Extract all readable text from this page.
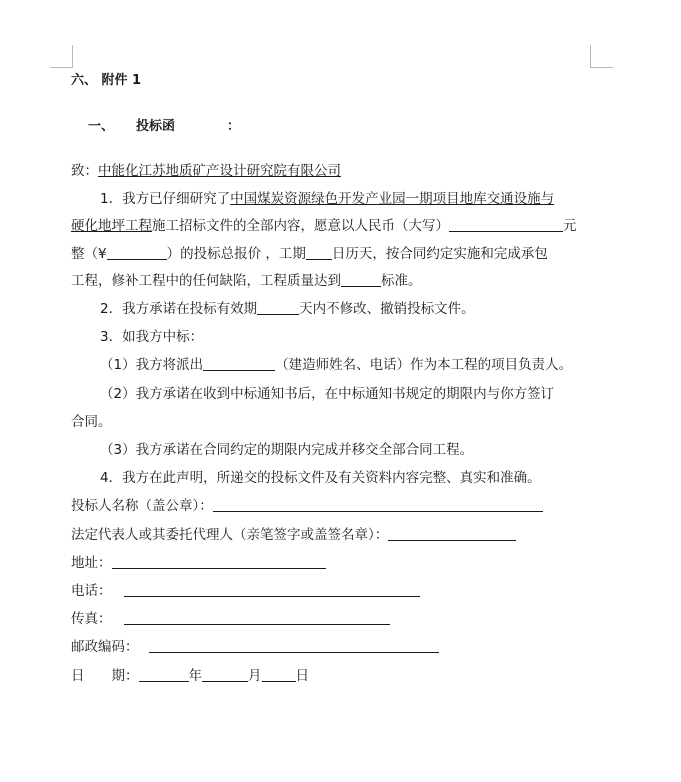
六、 附件 1
一、 投标函	：
致：中能化江苏地质矿产设计研究院有限公司
1．我方已仔细研究了中国煤炭资源绿色开发产业园一期项目地库交通设施与
硬化地坪工程施工招标文件的全部内容，愿意以人民币（大写）	元
整（¥	）的投标总报价 ，工期 日历天，按合同约定实施和完成承包
工程，修补工程中的任何缺陷，工程质量达到	标准。
2．我方承诺在投标有效期	天内不修改、撤销投标文件。
3．如我方中标：
（1）我方将派出	（建造师姓名、电话）作为本工程的项目负责人。
（2）我方承诺在收到中标通知书后，在中标通知书规定的期限内与你方签订
合同。
（3）我方承诺在合同约定的期限内完成并移交全部合同工程。
4．我方在此声明，所递交的投标文件及有关资料内容完整、真实和准确。
投标人名称（盖公章）：
法定代表人或其委托代理人（亲笔签字或盖签名章）：
地址：
电话：
传真：
邮政编码：
日　　期：	年	月	日
